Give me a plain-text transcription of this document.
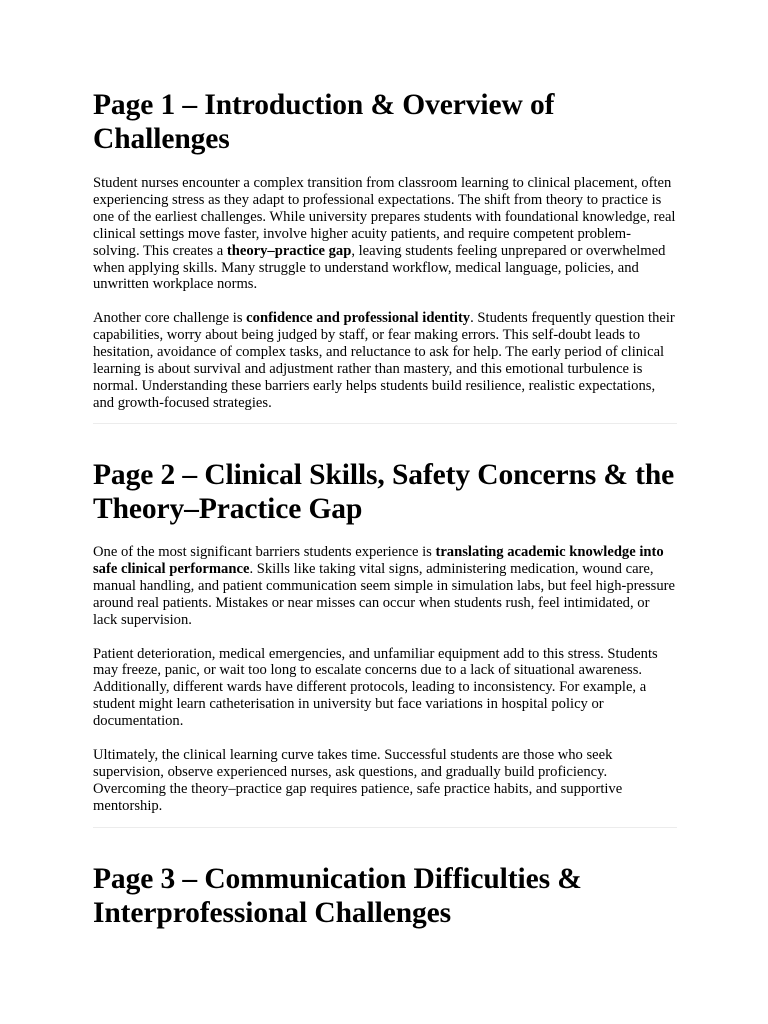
Page 1 – Introduction & Overview of Challenges

Student nurses encounter a complex transition from classroom learning to clinical placement, often experiencing stress as they adapt to professional expectations. The shift from theory to practice is one of the earliest challenges. While university prepares students with foundational knowledge, real clinical settings move faster, involve higher acuity patients, and require competent problem-solving. This creates a theory–practice gap, leaving students feeling unprepared or overwhelmed when applying skills. Many struggle to understand workflow, medical language, policies, and unwritten workplace norms.

Another core challenge is confidence and professional identity. Students frequently question their capabilities, worry about being judged by staff, or fear making errors. This self-doubt leads to hesitation, avoidance of complex tasks, and reluctance to ask for help. The early period of clinical learning is about survival and adjustment rather than mastery, and this emotional turbulence is normal. Understanding these barriers early helps students build resilience, realistic expectations, and growth-focused strategies.

Page 2 – Clinical Skills, Safety Concerns & the Theory–Practice Gap

One of the most significant barriers students experience is translating academic knowledge into safe clinical performance. Skills like taking vital signs, administering medication, wound care, manual handling, and patient communication seem simple in simulation labs, but feel high-pressure around real patients. Mistakes or near misses can occur when students rush, feel intimidated, or lack supervision.

Patient deterioration, medical emergencies, and unfamiliar equipment add to this stress. Students may freeze, panic, or wait too long to escalate concerns due to a lack of situational awareness. Additionally, different wards have different protocols, leading to inconsistency. For example, a student might learn catheterisation in university but face variations in hospital policy or documentation.

Ultimately, the clinical learning curve takes time. Successful students are those who seek supervision, observe experienced nurses, ask questions, and gradually build proficiency. Overcoming the theory–practice gap requires patience, safe practice habits, and supportive mentorship.

Page 3 – Communication Difficulties & Interprofessional Challenges
